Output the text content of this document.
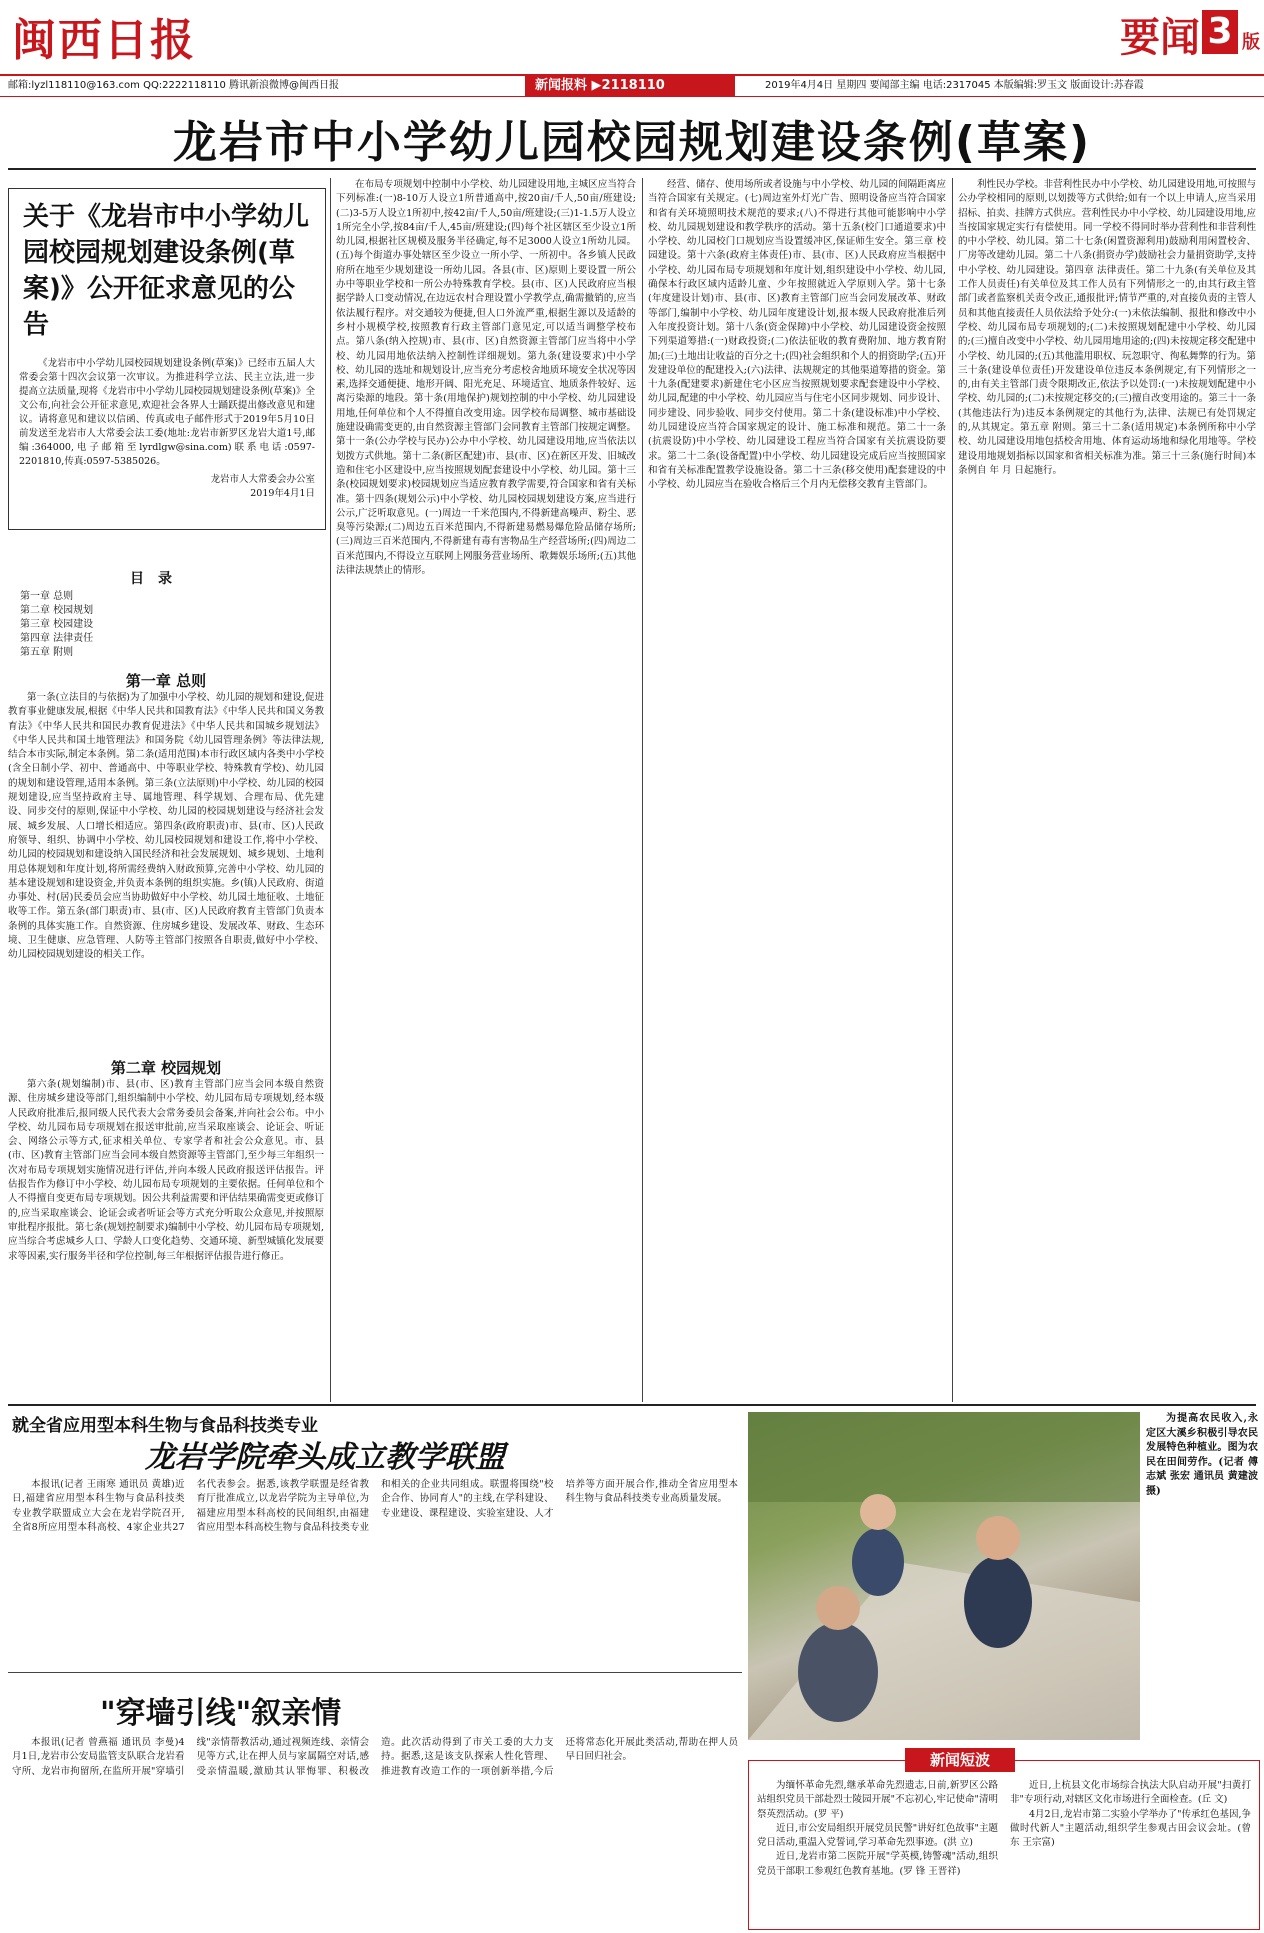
闽西日报	要闻 3 版
邮箱:lyzl118110@163.com QQ:2222118110 腾讯新浪微博@闽西日报	新闻报料 ▶2118110	2019年4月4日 星期四 要闻部主编 电话:2317045 本版编辑:罗玉文 版面设计:苏春霞
龙岩市中小学幼儿园校园规划建设条例(草案)
关于《龙岩市中小学幼儿园校园规划建设条例(草案)》公开征求意见的公告

《龙岩市中小学幼儿园校园规划建设条例(草案)》已经市五届人大常委会第十四次会议第一次审议。为推进科学立法、民主立法,进一步提高立法质量,现将《龙岩市中小学幼儿园校园规划建设条例(草案)》全文公布,向社会公开征求意见,欢迎社会各界人士踊跃提出修改意见和建议。请将意见和建议以信函、传真或电子邮件形式于2019年5月10日前发送至龙岩市人大常委会法工委(地址:龙岩市新罗区龙岩大道1号,邮编:364000,电子邮箱至lyrdlgw@sina.com)联系电话:0597-2201810,传真:0597-5385026。

龙岩市人大常委会办公室

2019年4月1日

目录
第一章 总则
第二章 校园规划
第三章 校园建设
第四章 法律责任
第五章 附则
第一章 总则

第一条(立法目的与依据)为了加强中小学校、幼儿园的规划和建设,促进教育事业健康发展,根据《中华人民共和国教育法》《中华人民共和国义务教育法》《中华人民共和国民办教育促进法》《中华人民共和国城乡规划法》《中华人民共和国土地管理法》和国务院《幼儿园管理条例》等法律法规,结合本市实际,制定本条例。第二条(适用范围)本市行政区域内各类中小学校(含全日制小学、初中、普通高中、中等职业学校、特殊教育学校)、幼儿园的规划和建设管理,适用本条例。第三条(立法原则)中小学校、幼儿园的校园规划建设,应当坚持政府主导、属地管理、科学规划、合理布局、优先建设、同步交付的原则,保证中小学校、幼儿园的校园规划建设与经济社会发展、城乡发展、人口增长相适应。第四条(政府职责)市、县(市、区)人民政府领导、组织、协调中小学校、幼儿园校园规划和建设工作,将中小学校、幼儿园的校园规划和建设纳入国民经济和社会发展规划、城乡规划、土地利用总体规划和年度计划,将所需经费纳入财政预算,完善中小学校、幼儿园的基本建设规划和建设资金,并负责本条例的组织实施。乡(镇)人民政府、街道办事处、村(居)民委员会应当协助做好中小学校、幼儿园土地征收、土地征收等工作。第五条(部门职责)市、县(市、区)人民政府教育主管部门负责本条例的具体实施工作。自然资源、住房城乡建设、发展改革、财政、生态环境、卫生健康、应急管理、人防等主管部门按照各自职责,做好中小学校、幼儿园校园规划建设的相关工作。

第二章 校园规划

第六条(规划编制)市、县(市、区)教育主管部门应当会同本级自然资源、住房城乡建设等部门,组织编制中小学校、幼儿园布局专项规划,经本级人民政府批准后,报同级人民代表大会常务委员会备案,并向社会公布。中小学校、幼儿园布局专项规划在报送审批前,应当采取座谈会、论证会、听证会、网络公示等方式,征求相关单位、专家学者和社会公众意见。市、县(市、区)教育主管部门应当会同本级自然资源等主管部门,至少每三年组织一次对布局专项规划实施情况进行评估,并向本级人民政府报送评估报告。评估报告作为修订中小学校、幼儿园布局专项规划的主要依据。任何单位和个人不得擅自变更布局专项规划。因公共利益需要和评估结果确需变更或修订的,应当采取座谈会、论证会或者听证会等方式充分听取公众意见,并按照原审批程序报批。第七条(规划控制要求)编制中小学校、幼儿园布局专项规划,应当综合考虑城乡人口、学龄人口变化趋势、交通环境、新型城镇化发展要求等因素,实行服务半径和学位控制,每三年根据评估报告进行修正。

在布局专项规划中控制中小学校、幼儿园建设用地,主城区应当符合下列标准:(一)8-10万人设立1所普通高中,按20亩/千人,50亩/班建设;(二)3-5万人设立1所初中,按42亩/千人,50亩/班建设;(三)1-1.5万人设立1所完全小学,按84亩/千人,45亩/班建设;(四)每个社区辖区至少设立1所幼儿园,根据社区规模及服务半径确定,每不足3000人设立1所幼儿园。(五)每个街道办事处辖区至少设立一所小学、一所初中。各乡镇人民政府所在地至少规划建设一所幼儿园。各县(市、区)原则上要设置一所公办中等职业学校和一所公办特殊教育学校。县(市、区)人民政府应当根据学龄人口变动情况,在边远农村合理设置小学教学点,确需撤销的,应当依法履行程序。对交通较为便捷,但人口外流严重,根据生源以及适龄的乡村小规模学校,按照教育行政主管部门意见定,可以适当调整学校布点。第八条(纳入控规)市、县(市、区)自然资源主管部门应当将中小学校、幼儿园用地依法纳入控制性详细规划。第九条(建设要求)中小学校、幼儿园的选址和规划设计,应当充分考虑校舍地质环境安全状况等因素,选择交通便捷、地形开阔、阳光充足、环境适宜、地质条件较好、远离污染源的地段。第十条(用地保护)规划控制的中小学校、幼儿园建设用地,任何单位和个人不得擅自改变用途。因学校布局调整、城市基础设施建设确需变更的,由自然资源主管部门会同教育主管部门按规定调整。第十一条(公办学校与民办)公办中小学校、幼儿园建设用地,应当依法以划拨方式供地。第十二条(新区配建)市、县(市、区)在新区开发、旧城改造和住宅小区建设中,应当按照规划配套建设中小学校、幼儿园。第十三条(校园规划要求)校园规划应当适应教育教学需要,符合国家和省有关标准。第十四条(规划公示)中小学校、幼儿园校园规划建设方案,应当进行公示,广泛听取意见。(一)周边一千米范围内,不得新建高噪声、粉尘、恶臭等污染源;(二)周边五百米范围内,不得新建易燃易爆危险品储存场所;(三)周边三百米范围内,不得新建有毒有害物品生产经营场所;(四)周边二百米范围内,不得设立互联网上网服务营业场所、歌舞娱乐场所;(五)其他法律法规禁止的情形。

经营、储存、使用场所或者设施与中小学校、幼儿园的间隔距离应当符合国家有关规定。(七)周边室外灯光广告、照明设备应当符合国家和省有关环境照明技术规范的要求;(八)不得进行其他可能影响中小学校、幼儿园规划建设和教学秩序的活动。第十五条(校门口通道要求)中小学校、幼儿园校门口规划应当设置缓冲区,保证师生安全。第三章 校园建设。第十六条(政府主体责任)市、县(市、区)人民政府应当根据中小学校、幼儿园布局专项规划和年度计划,组织建设中小学校、幼儿园,确保本行政区域内适龄儿童、少年按照就近入学原则入学。第十七条(年度建设计划)市、县(市、区)教育主管部门应当会同发展改革、财政等部门,编制中小学校、幼儿园年度建设计划,报本级人民政府批准后列入年度投资计划。第十八条(资金保障)中小学校、幼儿园建设资金按照下列渠道筹措:(一)财政投资;(二)依法征收的教育费附加、地方教育附加;(三)土地出让收益的百分之十;(四)社会组织和个人的捐资助学;(五)开发建设单位的配建投入;(六)法律、法规规定的其他渠道筹措的资金。第十九条(配建要求)新建住宅小区应当按照规划要求配套建设中小学校、幼儿园,配建的中小学校、幼儿园应当与住宅小区同步规划、同步设计、同步建设、同步验收、同步交付使用。第二十条(建设标准)中小学校、幼儿园建设应当符合国家规定的设计、施工标准和规范。第二十一条(抗震设防)中小学校、幼儿园建设工程应当符合国家有关抗震设防要求。第二十二条(设备配置)中小学校、幼儿园建设完成后应当按照国家和省有关标准配置教学设施设备。第二十三条(移交使用)配套建设的中小学校、幼儿园应当在验收合格后三个月内无偿移交教育主管部门。

利性民办学校。非营利性民办中小学校、幼儿园建设用地,可按照与公办学校相同的原则,以划拨等方式供给;如有一个以上申请人,应当采用招标、拍卖、挂牌方式供应。营利性民办中小学校、幼儿园建设用地,应当按国家规定实行有偿使用。同一学校不得同时举办营利性和非营利性的中小学校、幼儿园。第二十七条(闲置资源利用)鼓励利用闲置校舍、厂房等改建幼儿园。第二十八条(捐资办学)鼓励社会力量捐资助学,支持中小学校、幼儿园建设。第四章 法律责任。第二十九条(有关单位及其工作人员责任)有关单位及其工作人员有下列情形之一的,由其行政主管部门或者监察机关责令改正,通报批评;情节严重的,对直接负责的主管人员和其他直接责任人员依法给予处分:(一)未依法编制、报批和修改中小学校、幼儿园布局专项规划的;(二)未按照规划配建中小学校、幼儿园的;(三)擅自改变中小学校、幼儿园用地用途的;(四)未按规定移交配建中小学校、幼儿园的;(五)其他滥用职权、玩忽职守、徇私舞弊的行为。第三十条(建设单位责任)开发建设单位违反本条例规定,有下列情形之一的,由有关主管部门责令限期改正,依法予以处罚:(一)未按规划配建中小学校、幼儿园的;(二)未按规定移交的;(三)擅自改变用途的。第三十一条(其他违法行为)违反本条例规定的其他行为,法律、法规已有处罚规定的,从其规定。第五章 附则。第三十二条(适用规定)本条例所称中小学校、幼儿园建设用地包括校舍用地、体育运动场地和绿化用地等。学校建设用地规划指标以国家和省相关标准为准。第三十三条(施行时间)本条例自 年 月 日起施行。

就全省应用型本科生物与食品科技类专业
龙岩学院牵头成立教学联盟

本报讯(记者 王雨寒 通讯员 黄雄)近日,福建省应用型本科生物与食品科技类专业教学联盟成立大会在龙岩学院召开,全省8所应用型本科高校、4家企业共27名代表参会。据悉,该教学联盟是经省教育厅批准成立,以龙岩学院为主导单位,为福建应用型本科高校的民间组织,由福建省应用型本科高校生物与食品科技类专业和相关的企业共同组成。联盟将围绕"校企合作、协同育人"的主线,在学科建设、专业建设、课程建设、实验室建设、人才培养等方面开展合作,推动全省应用型本科生物与食品科技类专业高质量发展。

"穿墙引线"叙亲情

本报讯(记者 曾燕福 通讯员 李曼)4月1日,龙岩市公安局监管支队联合龙岩看守所、龙岩市拘留所,在监所开展"穿墙引线"亲情帮教活动,通过视频连线、亲情会见等方式,让在押人员与家属隔空对话,感受亲情温暖,激励其认罪悔罪、积极改造。此次活动得到了市关工委的大力支持。据悉,这是该支队探索人性化管理、推进教育改造工作的一项创新举措,今后还将常态化开展此类活动,帮助在押人员早日回归社会。

为提高农民收入,永定区大溪乡积极引导农民发展特色种植业。图为农民在田间劳作。(记者 傅志斌 张宏 通讯员 黄建波 摄)

为缅怀革命先烈,继承革命先烈遗志,日前,新罗区公路站组织党员干部赴烈士陵园开展"不忘初心,牢记使命"清明祭英烈活动。(罗 平)

近日,市公安局组织开展党员民警"讲好红色故事"主题党日活动,重温入党誓词,学习革命先烈事迹。(洪 立)

近日,龙岩市第二医院开展"学英模,铸警魂"活动,组织党员干部职工参观红色教育基地。(罗 锋 王晋祥)

近日,上杭县文化市场综合执法大队启动开展"扫黄打非"专项行动,对辖区文化市场进行全面检查。(丘 文)

4月2日,龙岩市第二实验小学举办了"传承红色基因,争做时代新人"主题活动,组织学生参观古田会议会址。(曾 东 王宗富)

新闻短波
